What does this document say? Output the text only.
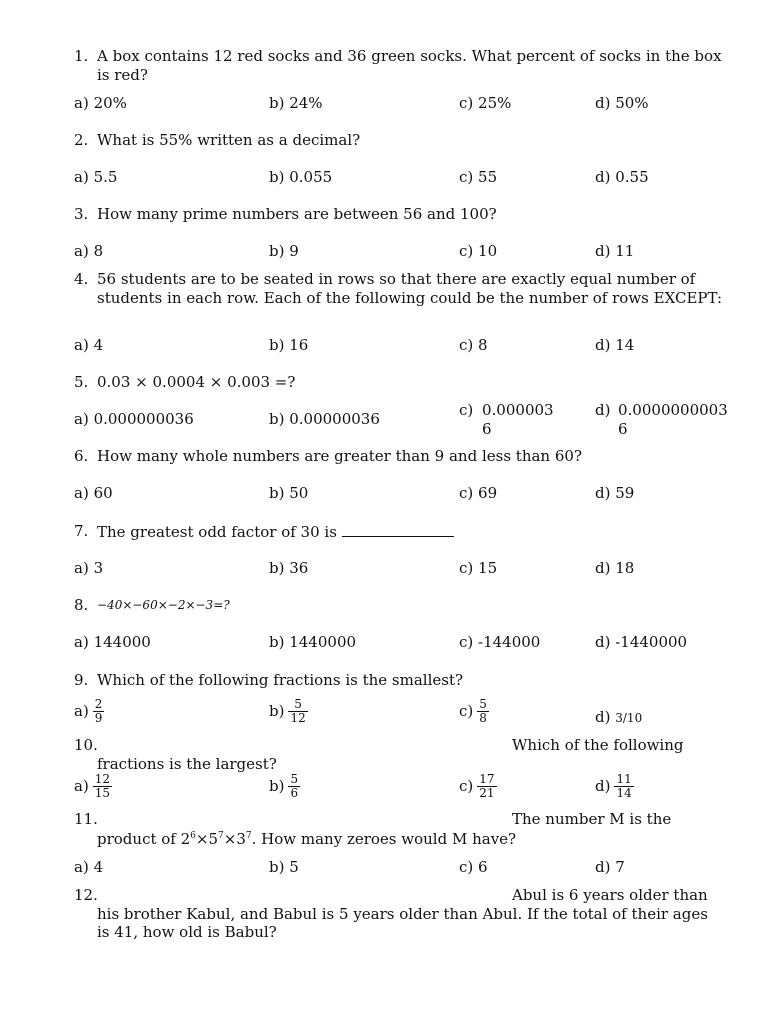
1. A box contains 12 red socks and 36 green socks. What percent of socks in the box is red?
a) 20%	b) 24%	c) 25%	d) 50%
2. What is 55% written as a decimal?
a) 5.5	b) 0.055	c) 55	d) 0.55
3. How many prime numbers are between 56 and 100?
a) 8	b) 9	c) 10	d) 11
4. 56 students are to be seated in rows so that there are exactly equal number of students in each row. Each of the following could be the number of rows EXCEPT:
a) 4	b) 16	c) 8	d) 14
5. 0.03 × 0.0004 × 0.003 =?
a) 0.000000036	b) 0.00000036	c) 0.0000036
d) 0.00000000036
6. How many whole numbers are greater than 9 and less than 60?
a) 60	b) 50	c) 69	d) 59
7. The greatest odd factor of 30 is
a) 3	b) 36	c) 15	d) 18
8. −40×−60×−2×−3=?
a) 144000	b) 1440000	c) -144000	d) -1440000
9. Which of the following fractions is the smallest?
$a) \frac{2}{9}$	$b) \frac{5}{12}$	$c) \frac{5}{8}$	d) 3/10
10.	Which of the following
fractions is the largest?
$a) \frac{12}{15}$	$b) \frac{5}{6}$	$c) \frac{17}{21}$	$d) \frac{11}{14}$
11.	The number M is the
product of $2^6\times 5^7\times 3^7$. How many zeroes would M have?
a) 4	b) 5	c) 6	d) 7
12.	Abul is 6 years older than
his brother Kabul, and Babul is 5 years older than Abul. If the total of their ages is 41, how old is Babul?
